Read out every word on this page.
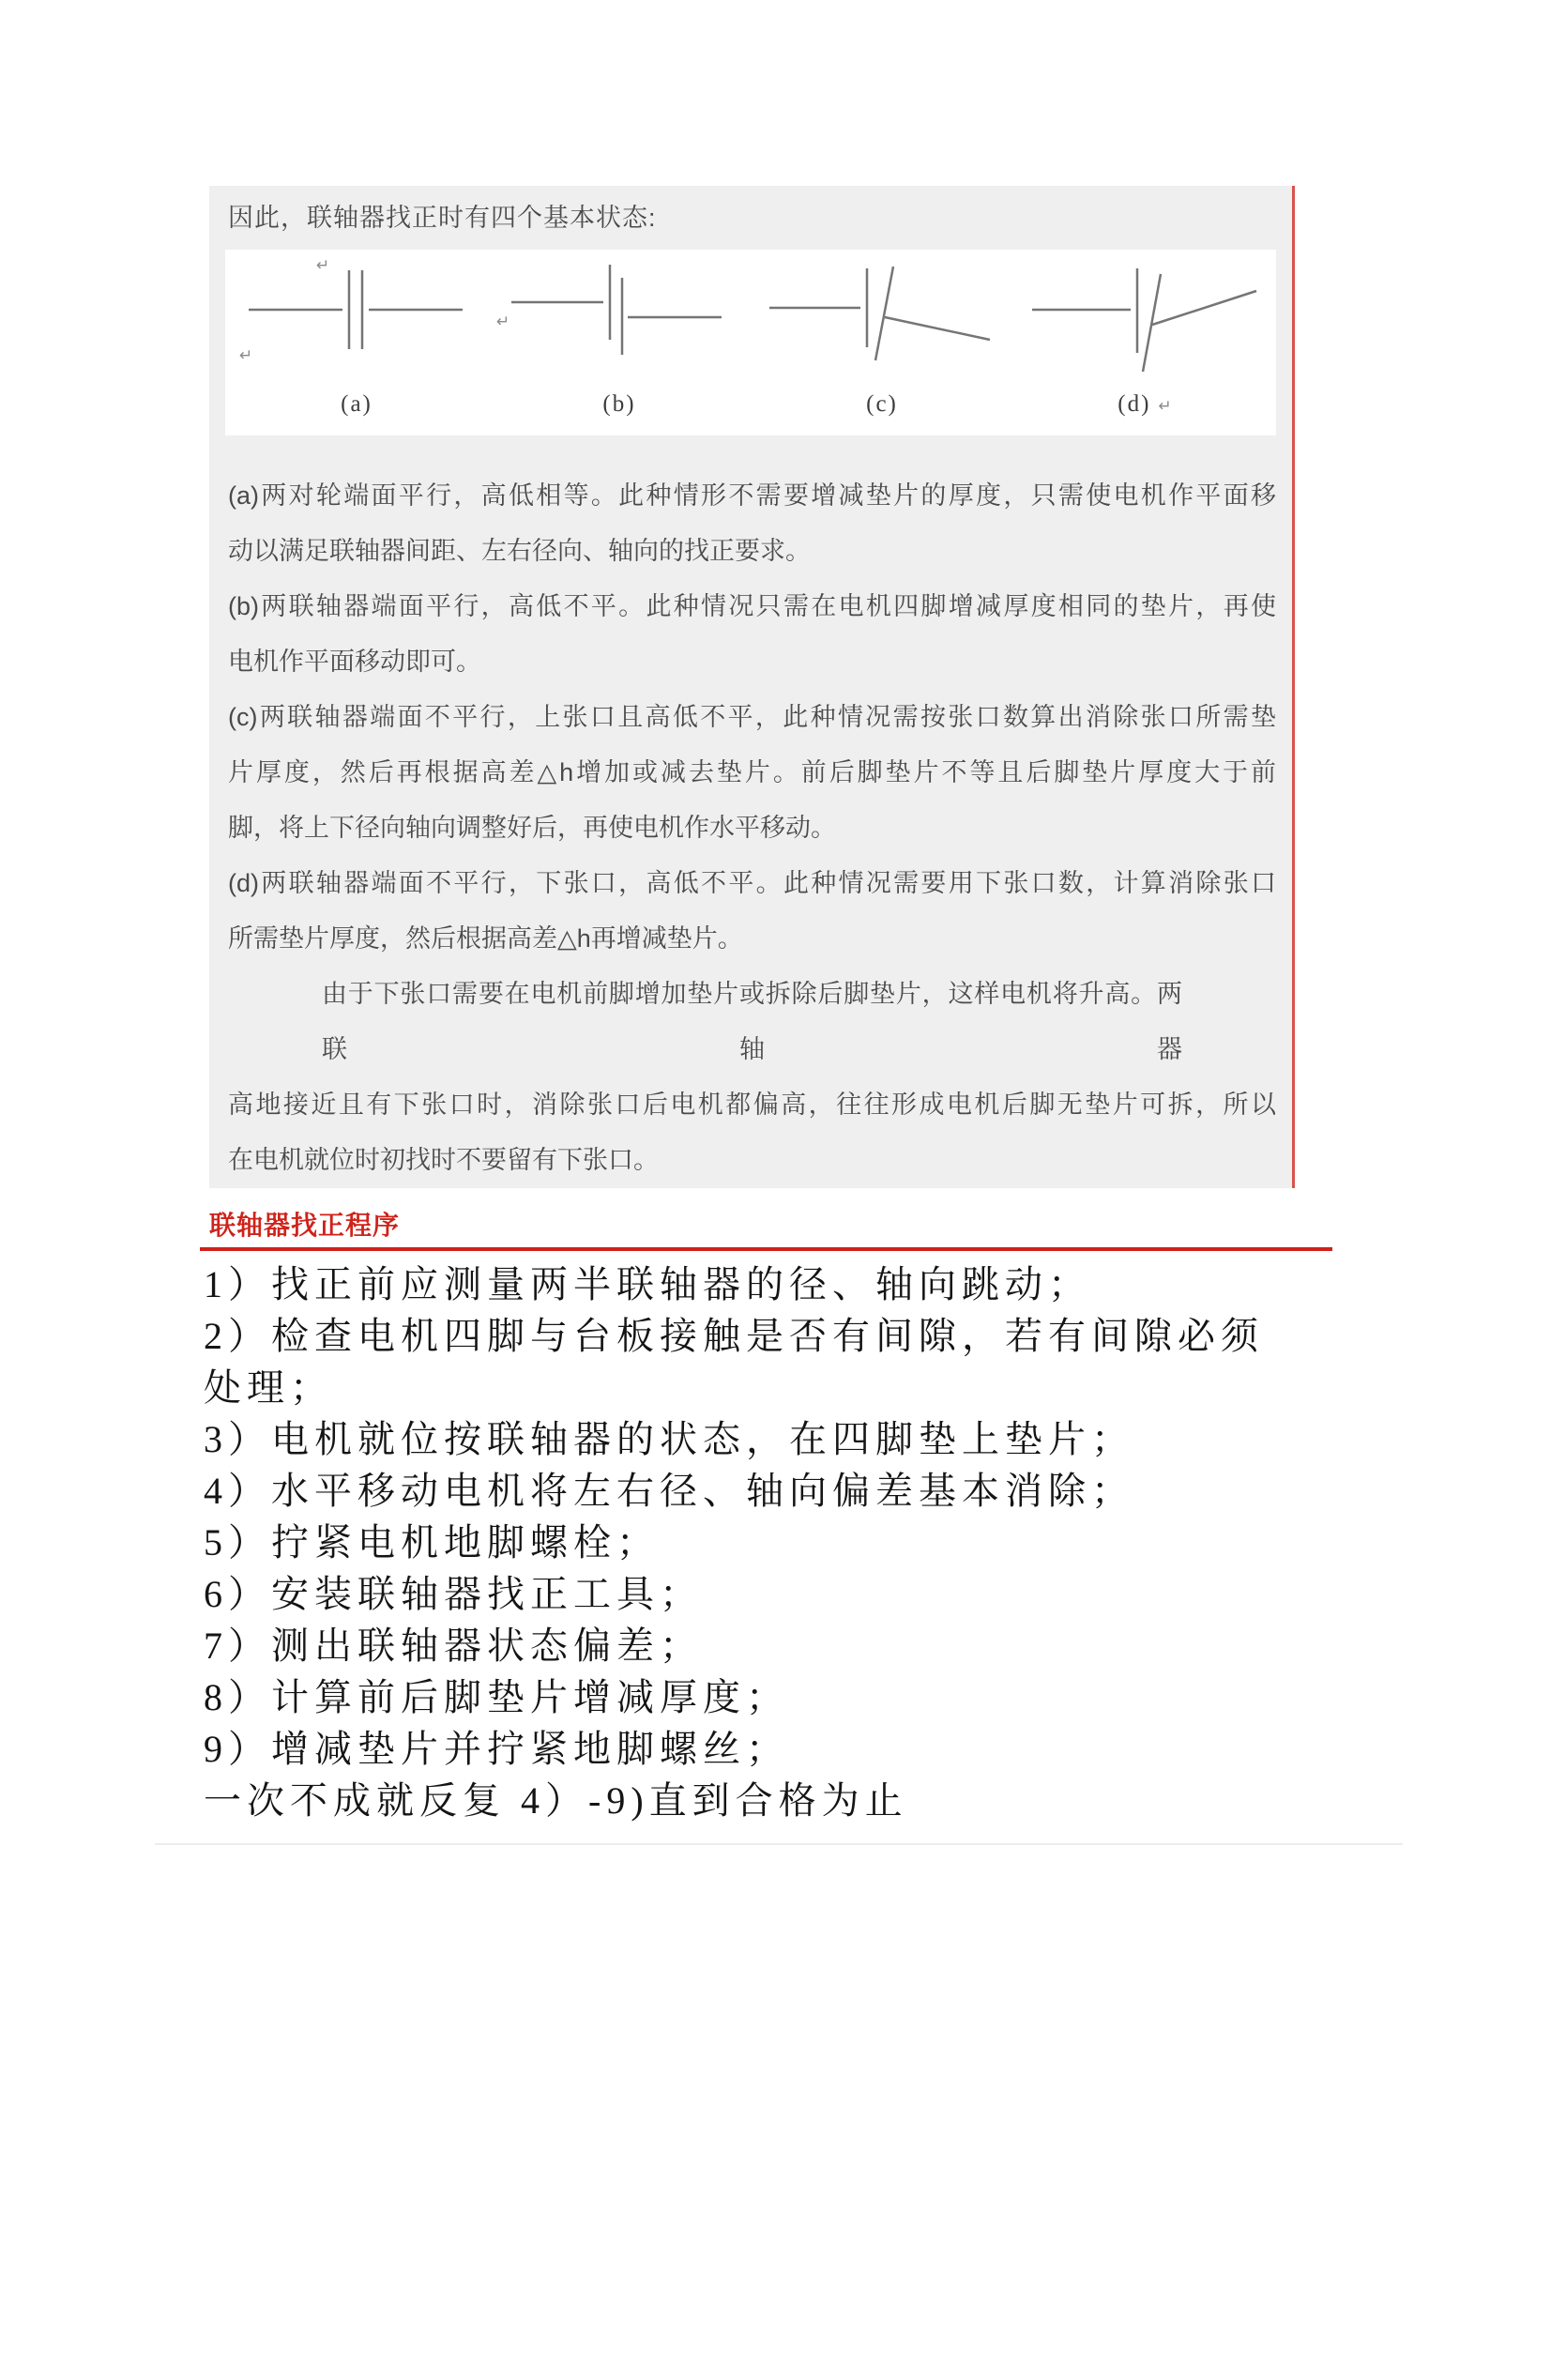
因此，联轴器找正时有四个基本状态:
↵
↵
(a)
↵
(b)	(c)	(d) ↵
(a)两对轮端面平行，高低相等。此种情形不需要增减垫片的厚度，只需使电机作平面移
动以满足联轴器间距、左右径向、轴向的找正要求。
(b)两联轴器端面平行，高低不平。此种情况只需在电机四脚增减厚度相同的垫片，再使
电机作平面移动即可。
(c)两联轴器端面不平行，上张口且高低不平，此种情况需按张口数算出消除张口所需垫
片厚度，然后再根据高差△h增加或减去垫片。前后脚垫片不等且后脚垫片厚度大于前
脚，将上下径向轴向调整好后，再使电机作水平移动。
(d)两联轴器端面不平行，下张口，高低不平。此种情况需要用下张口数，计算消除张口
所需垫片厚度，然后根据高差△h再增减垫片。
由于下张口需要在电机前脚增加垫片或拆除后脚垫片，这样电机将升高。两联轴器
高地接近且有下张口时，消除张口后电机都偏高，往往形成电机后脚无垫片可拆，所以
在电机就位时初找时不要留有下张口。
联轴器找正程序
1）找正前应测量两半联轴器的径、轴向跳动；
2）检查电机四脚与台板接触是否有间隙，若有间隙必须
处理；
3）电机就位按联轴器的状态，在四脚垫上垫片；
4）水平移动电机将左右径、轴向偏差基本消除；
5）拧紧电机地脚螺栓；
6）安装联轴器找正工具；
7）测出联轴器状态偏差；
8）计算前后脚垫片增减厚度；
9）增减垫片并拧紧地脚螺丝；
一次不成就反复 4）-9)直到合格为止
